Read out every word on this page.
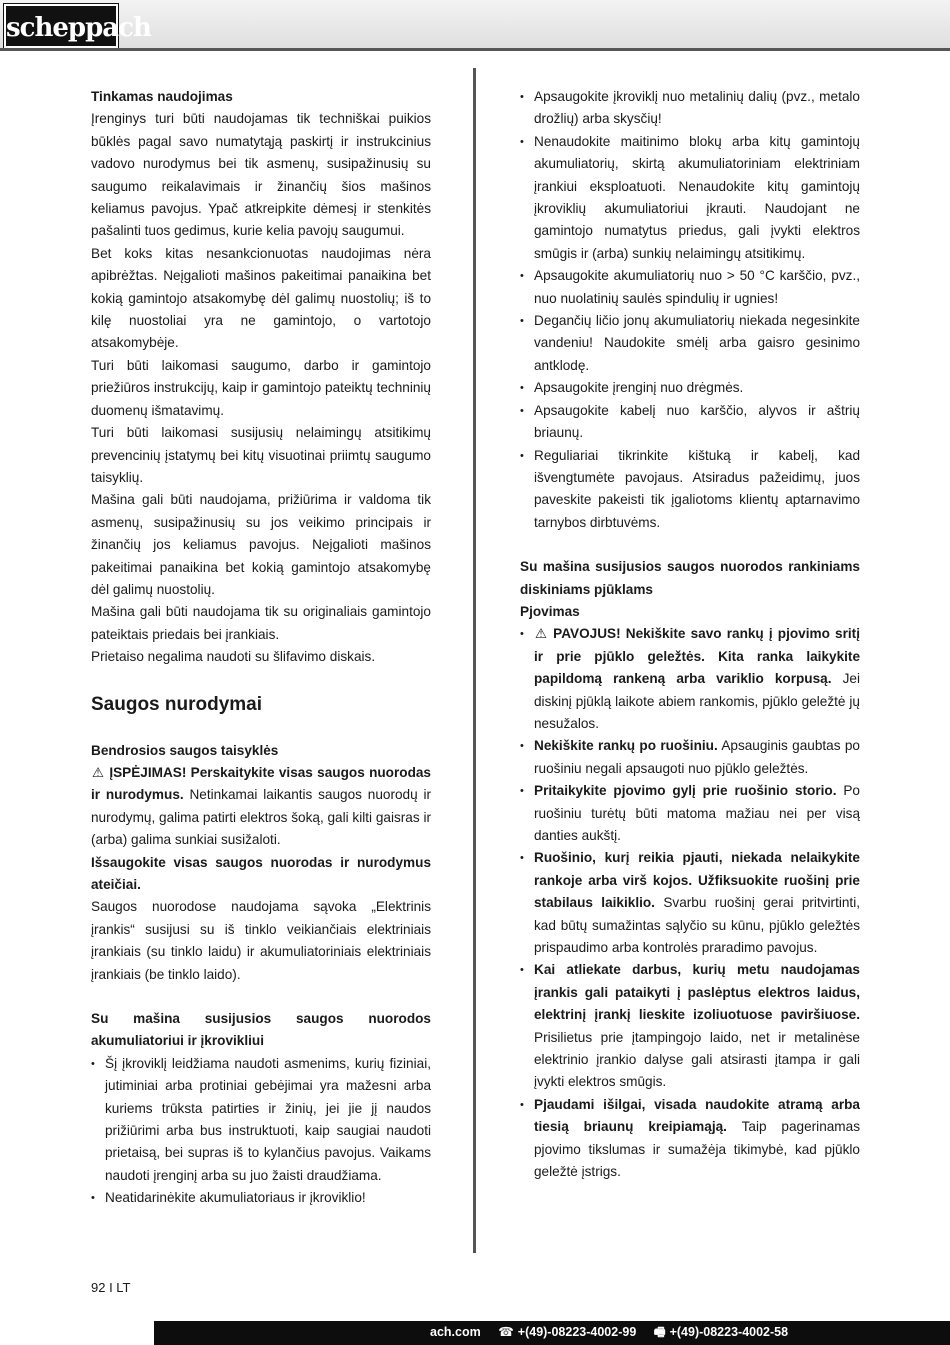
scheppach

Tinkamas naudojimas

Įrenginys turi būti naudojamas tik techniškai puikios būklės pagal savo numatytąją paskirtį ir instrukcinius vadovo nurodymus bei tik asmenų, susipažinusių su saugumo reikalavimais ir žinančių šios mašinos keliamus pavojus. Ypač atkreipkite dėmesį ir stenkitės pašalinti tuos gedimus, kurie kelia pavojų saugumui.

Bet koks kitas nesankcionuotas naudojimas nėra apibrėžtas. Neįgalioti mašinos pakeitimai panaikina bet kokią gamintojo atsakomybę dėl galimų nuostolių; iš to kilę nuostoliai yra ne gamintojo, o vartotojo atsakomybėje.

Turi būti laikomasi saugumo, darbo ir gamintojo priežiūros instrukcijų, kaip ir gamintojo pateiktų techninių duomenų išmatavimų.

Turi būti laikomasi susijusių nelaimingų atsitikimų prevencinių įstatymų bei kitų visuotinai priimtų saugumo taisyklių.

Mašina gali būti naudojama, prižiūrima ir valdoma tik asmenų, susipažinusių su jos veikimo principais ir žinančių jos keliamus pavojus. Neįgalioti mašinos pakeitimai panaikina bet kokią gamintojo atsakomybę dėl galimų nuostolių.

Mašina gali būti naudojama tik su originaliais gamintojo pateiktais priedais bei įrankiais.

Prietaiso negalima naudoti su šlifavimo diskais.

Saugos nurodymai

Bendrosios saugos taisyklės

⚠ ĮSPĖJIMAS! Perskaitykite visas saugos nuorodas ir nurodymus. Netinkamai laikantis saugos nuorodų ir nurodymų, galima patirti elektros šoką, gali kilti gaisras ir (arba) galima sunkiai susižaloti.

Išsaugokite visas saugos nuorodas ir nurodymus ateičiai.

Saugos nuorodose naudojama sąvoka „Elektrinis įrankis“ susijusi su iš tinklo veikiančiais elektriniais įrankiais (su tinklo laidu) ir akumuliatoriniais elektriniais įrankiais (be tinklo laido).

Su mašina susijusios saugos nuorodos akumuliatoriui ir įkrovikliui

• Šį įkroviklį leidžiama naudoti asmenims, kurių fiziniai, jutiminiai arba protiniai gebėjimai yra mažesni arba kuriems trūksta patirties ir žinių, jei jie jį naudos prižiūrimi arba bus instruktuoti, kaip saugiai naudoti prietaisą, bei supras iš to kylančius pavojus. Vaikams naudoti įrenginį arba su juo žaisti draudžiama.
• Neatidarinėkite akumuliatoriaus ir įkroviklio!
• Apsaugokite įkroviklį nuo metalinių dalių (pvz., metalo drožlių) arba skysčių!
• Nenaudokite maitinimo blokų arba kitų gamintojų akumuliatorių, skirtą akumuliatoriniam elektriniam įrankiui eksploatuoti. Nenaudokite kitų gamintojų įkroviklių akumuliatoriui įkrauti. Naudojant ne gamintojo numatytus priedus, gali įvykti elektros smūgis ir (arba) sunkių nelaimingų atsitikimų.
• Apsaugokite akumuliatorių nuo > 50 °C karščio, pvz., nuo nuolatinių saulės spindulių ir ugnies!
• Degančių ličio jonų akumuliatorių niekada negesinkite vandeniu! Naudokite smėlį arba gaisro gesinimo antklodę.
• Apsaugokite įrenginį nuo drėgmės.
• Apsaugokite kabelį nuo karščio, alyvos ir aštrių briaunų.
• Reguliariai tikrinkite kištuką ir kabelį, kad išvengtumėte pavojaus. Atsiradus pažeidimų, juos paveskite pakeisti tik įgaliotoms klientų aptarnavimo tarnybos dirbtuvėms.

Su mašina susijusios saugos nuorodos rankiniams diskiniams pjūklams

Pjovimas

• ⚠ PAVOJUS! Nekiškite savo rankų į pjovimo sritį ir prie pjūklo geležtės. Kita ranka laikykite papildomą rankeną arba variklio korpusą. Jei diskinį pjūklą laikote abiem rankomis, pjūklo geležtė jų nesužalos.
• Nekiškite rankų po ruošiniu. Apsauginis gaubtas po ruošiniu negali apsaugoti nuo pjūklo geležtės.
• Pritaikykite pjovimo gylį prie ruošinio storio. Po ruošiniu turėtų būti matoma mažiau nei per visą danties aukštį.
• Ruošinio, kurį reikia pjauti, niekada nelaikykite rankoje arba virš kojos. Užfiksuokite ruošinį prie stabilaus laikiklio. Svarbu ruošinį gerai pritvirtinti, kad būtų sumažintas sąlyčio su kūnu, pjūklo geležtės prispaudimo arba kontrolės praradimo pavojus.
• Kai atliekate darbus, kurių metu naudojamas įrankis gali pataikyti į paslėptus elektros laidus, elektrinį įrankį lieskite izoliuotuose paviršiuose. Prisilietus prie įtampingojo laido, net ir metalinėse elektrinio įrankio dalyse gali atsirasti įtampa ir gali įvykti elektros smūgis.
• Pjaudami išilgai, visada naudokite atramą arba tiesią briaunų kreipiamąją. Taip pagerinamas pjovimo tikslumas ir sumažėja tikimybė, kad pjūklo geležtė įstrigs.
92 I LT
ach.com ☎ +(49)-08223-4002-99 🖷 +(49)-08223-4002-58
